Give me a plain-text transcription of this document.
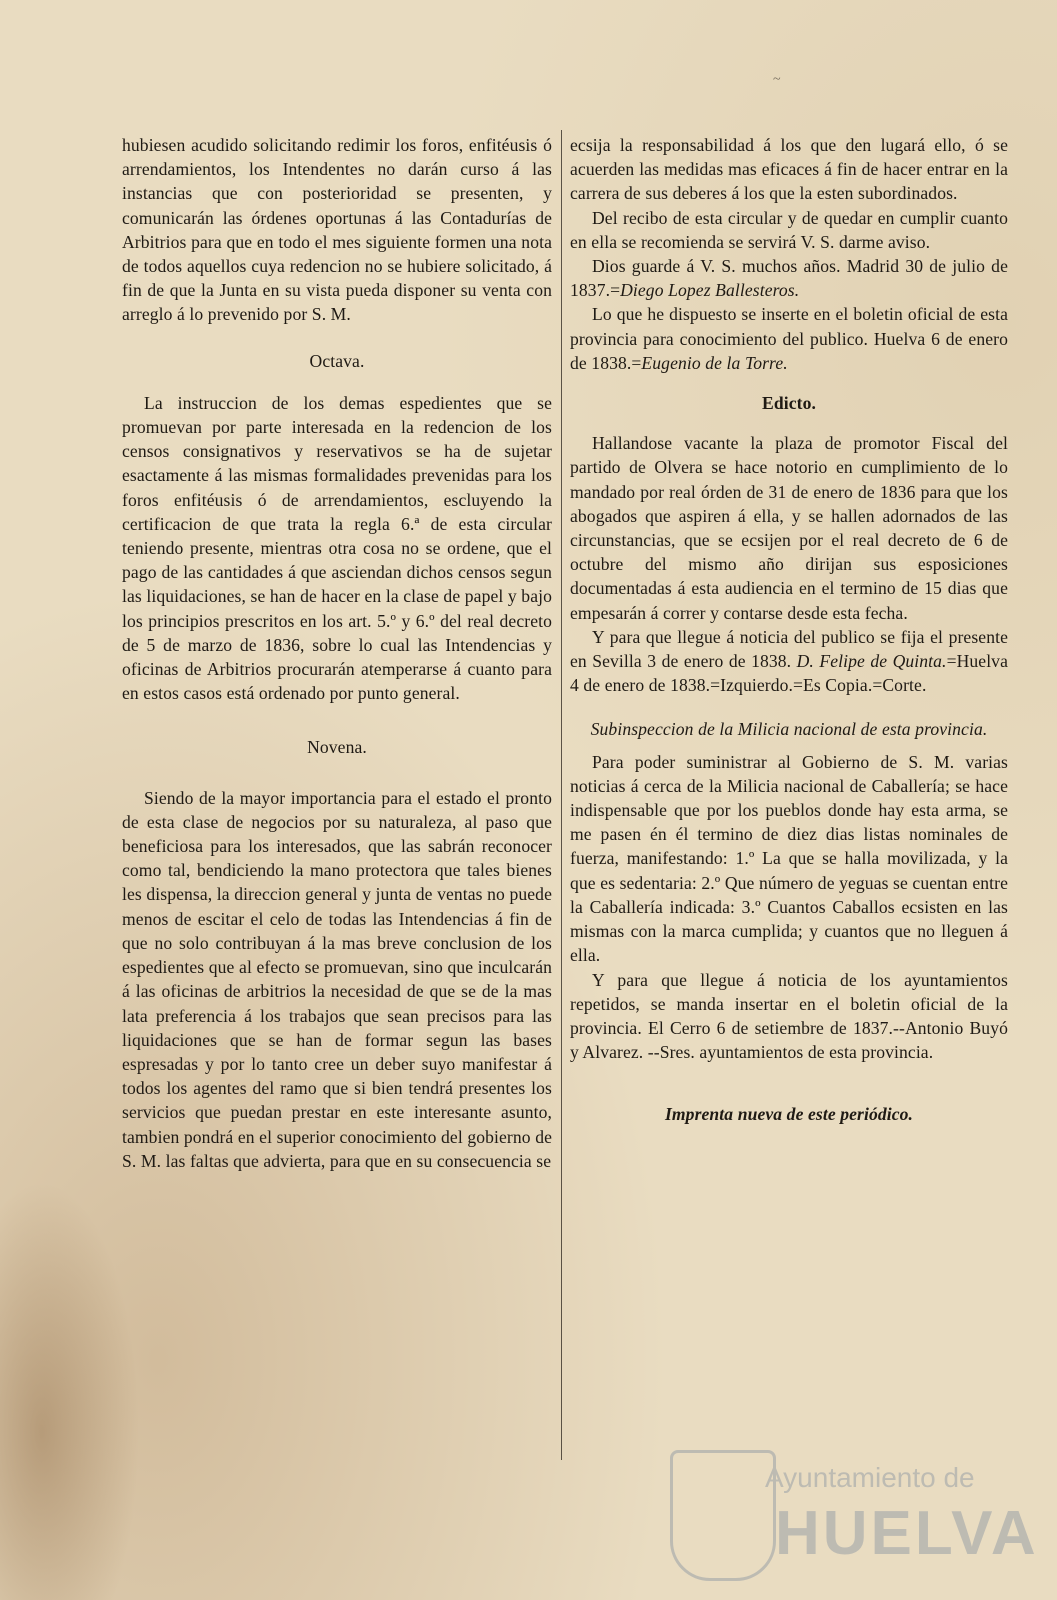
~

hubiesen acudido solicitando redimir los foros, enfitéusis ó arrendamientos, los Intendentes no darán curso á las instancias que con posterioridad se presenten, y comunicarán las órdenes oportunas á las Contadurías de Arbitrios para que en todo el mes siguiente formen una nota de todos aquellos cuya redencion no se hubiere solicitado, á fin de que la Junta en su vista pueda disponer su venta con arreglo á lo prevenido por S. M.

Octava.

La instruccion de los demas espedientes que se promuevan por parte interesada en la redencion de los censos consignativos y reservativos se ha de sujetar esactamente á las mismas formalidades prevenidas para los foros enfitéusis ó de arrendamientos, escluyendo la certificacion de que trata la regla 6.ª de esta circular teniendo presente, mientras otra cosa no se ordene, que el pago de las cantidades á que asciendan dichos censos segun las liquidaciones, se han de hacer en la clase de papel y bajo los principios prescritos en los art. 5.º y 6.º del real decreto de 5 de marzo de 1836, sobre lo cual las Intendencias y oficinas de Arbitrios procurarán atemperarse á cuanto para en estos casos está ordenado por punto general.

Novena.

Siendo de la mayor importancia para el estado el pronto de esta clase de negocios por su naturaleza, al paso que beneficiosa para los interesados, que las sabrán reconocer como tal, bendiciendo la mano protectora que tales bienes les dispensa, la direccion general y junta de ventas no puede menos de escitar el celo de todas las Intendencias á fin de que no solo contribuyan á la mas breve conclusion de los espedientes que al efecto se promuevan, sino que inculcarán á las oficinas de arbitrios la necesidad de que se de la mas lata preferencia á los trabajos que sean precisos para las liquidaciones que se han de formar segun las bases espresadas y por lo tanto cree un deber suyo manifestar á todos los agentes del ramo que si bien tendrá presentes los servicios que puedan prestar en este interesante asunto, tambien pondrá en el superior conocimiento del gobierno de S. M. las faltas que advierta, para que en su consecuencia se

ecsija la responsabilidad á los que den lugará ello, ó se acuerden las medidas mas eficaces á fin de hacer entrar en la carrera de sus deberes á los que la esten subordinados.

Del recibo de esta circular y de quedar en cumplir cuanto en ella se recomienda se servirá V. S. darme aviso.

Dios guarde á V. S. muchos años. Madrid 30 de julio de 1837.=Diego Lopez Ballesteros.

Lo que he dispuesto se inserte en el boletin oficial de esta provincia para conocimiento del publico. Huelva 6 de enero de 1838.=Eugenio de la Torre.

Edicto.

Hallandose vacante la plaza de promotor Fiscal del partido de Olvera se hace notorio en cumplimiento de lo mandado por real órden de 31 de enero de 1836 para que los abogados que aspiren á ella, y se hallen adornados de las circunstancias, que se ecsijen por el real decreto de 6 de octubre del mismo año dirijan sus esposiciones documentadas á esta audiencia en el termino de 15 dias que empesarán á correr y contarse desde esta fecha.

Y para que llegue á noticia del publico se fija el presente en Sevilla 3 de enero de 1838. D. Felipe de Quinta.=Huelva 4 de enero de 1838.=Izquierdo.=Es Copia.=Corte.

Subinspeccion de la Milicia nacional de esta provincia.

Para poder suministrar al Gobierno de S. M. varias noticias á cerca de la Milicia nacional de Caballería; se hace indispensable que por los pueblos donde hay esta arma, se me pasen én él termino de diez dias listas nominales de fuerza, manifestando: 1.º La que se halla movilizada, y la que es sedentaria: 2.º Que número de yeguas se cuentan entre la Caballería indicada: 3.º Cuantos Caballos ecsisten en las mismas con la marca cumplida; y cuantos que no lleguen á ella.

Y para que llegue á noticia de los ayuntamientos repetidos, se manda insertar en el boletin oficial de la provincia. El Cerro 6 de setiembre de 1837.--Antonio Buyó y Alvarez. --Sres. ayuntamientos de esta provincia.

Imprenta nueva de este periódico.
Ayuntamiento de
HUELVA
